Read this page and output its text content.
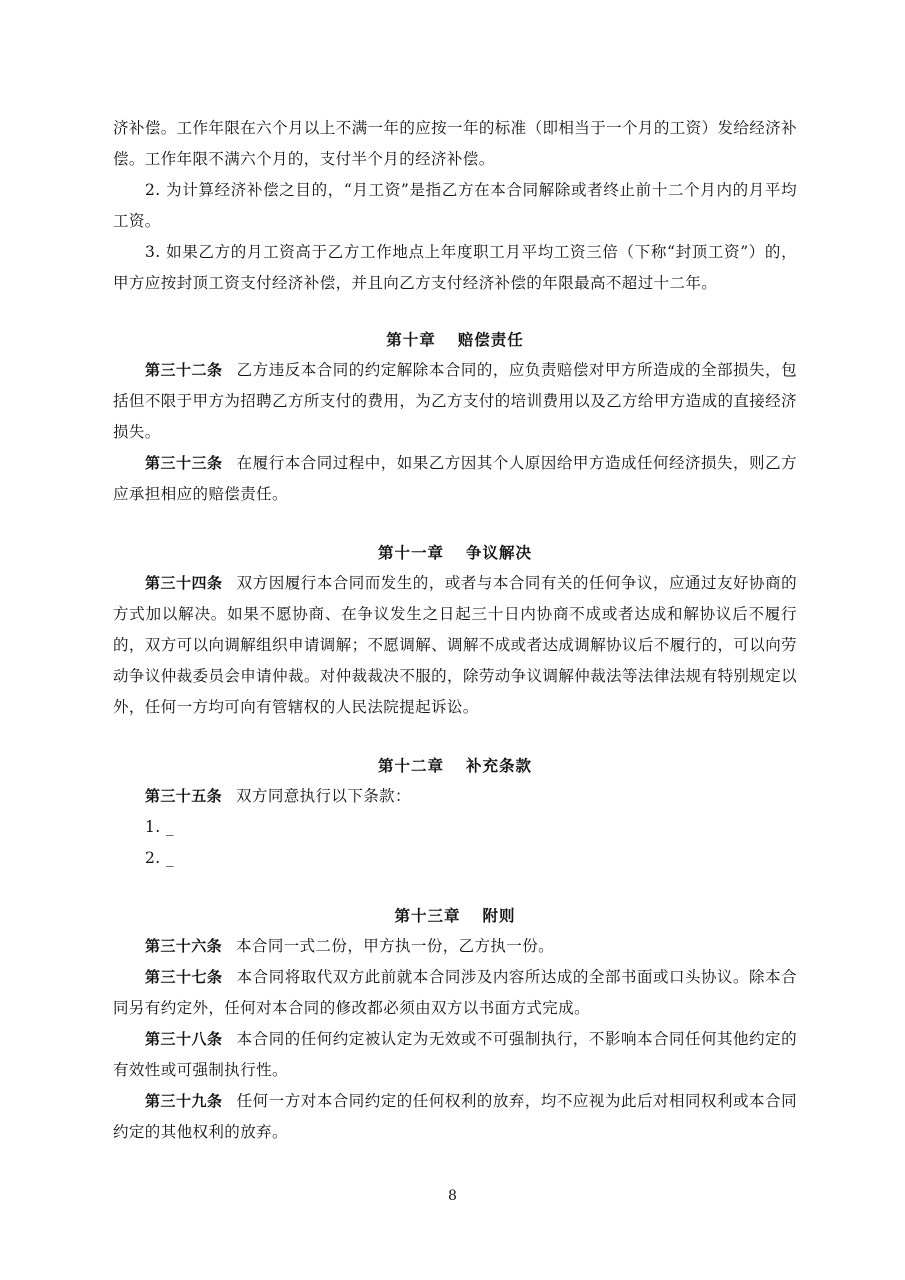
济补偿。工作年限在六个月以上不满一年的应按一年的标准（即相当于一个月的工资）发给经济补偿。工作年限不满六个月的，支付半个月的经济补偿。

2. 为计算经济补偿之目的，“月工资”是指乙方在本合同解除或者终止前十二个月内的月平均工资。

3. 如果乙方的月工资高于乙方工作地点上年度职工月平均工资三倍（下称“封顶工资”）的，甲方应按封顶工资支付经济补偿，并且向乙方支付经济补偿的年限最高不超过十二年。

第十章 赔偿责任

第三十二条 乙方违反本合同的约定解除本合同的，应负责赔偿对甲方所造成的全部损失，包括但不限于甲方为招聘乙方所支付的费用，为乙方支付的培训费用以及乙方给甲方造成的直接经济损失。

第三十三条 在履行本合同过程中，如果乙方因其个人原因给甲方造成任何经济损失，则乙方应承担相应的赔偿责任。

第十一章 争议解决

第三十四条 双方因履行本合同而发生的，或者与本合同有关的任何争议，应通过友好协商的方式加以解决。如果不愿协商、在争议发生之日起三十日内协商不成或者达成和解协议后不履行的，双方可以向调解组织申请调解；不愿调解、调解不成或者达成调解协议后不履行的，可以向劳动争议仲裁委员会申请仲裁。对仲裁裁决不服的，除劳动争议调解仲裁法等法律法规有特别规定以外，任何一方均可向有管辖权的人民法院提起诉讼。

第十二章 补充条款

第三十五条 双方同意执行以下条款：

1. _

2. _

第十三章 附则

第三十六条 本合同一式二份，甲方执一份，乙方执一份。

第三十七条 本合同将取代双方此前就本合同涉及内容所达成的全部书面或口头协议。除本合同另有约定外，任何对本合同的修改都必须由双方以书面方式完成。

第三十八条 本合同的任何约定被认定为无效或不可强制执行，不影响本合同任何其他约定的有效性或可强制执行性。

第三十九条 任何一方对本合同约定的任何权利的放弃，均不应视为此后对相同权利或本合同约定的其他权利的放弃。

8
